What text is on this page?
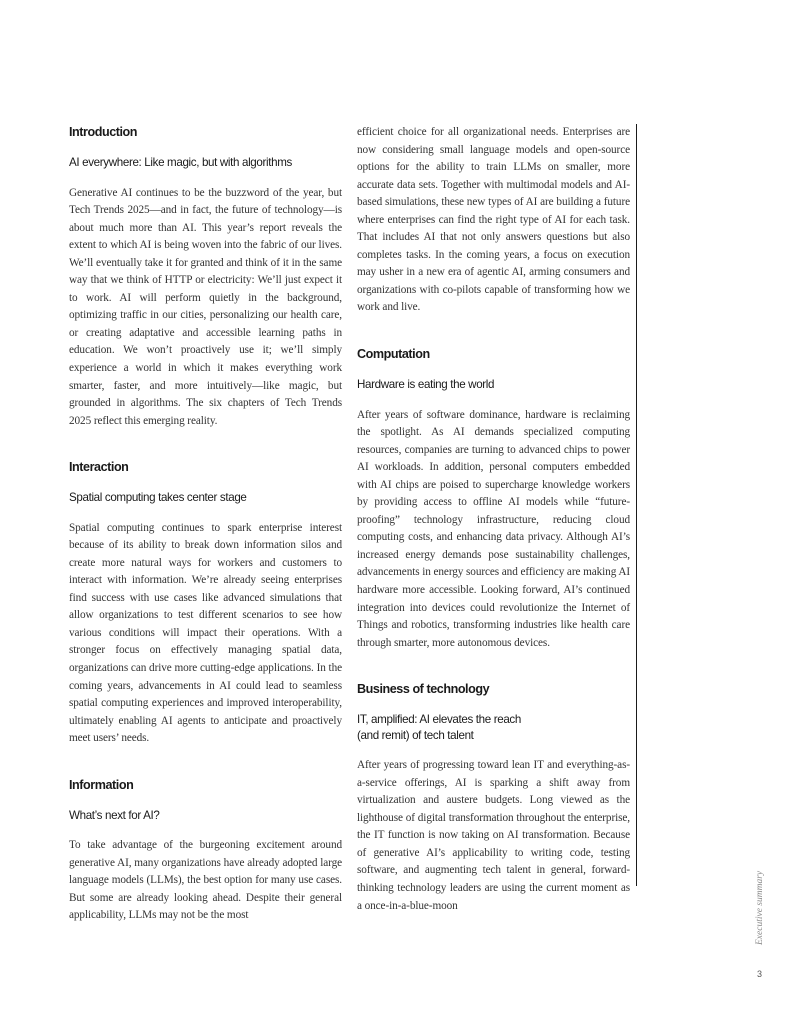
Introduction
AI everywhere: Like magic, but with algorithms

Generative AI continues to be the buzzword of the year, but Tech Trends 2025—and in fact, the future of technology—is about much more than AI. This year’s report reveals the extent to which AI is being woven into the fabric of our lives. We’ll eventually take it for granted and think of it in the same way that we think of HTTP or electricity: We’ll just expect it to work. AI will perform quietly in the background, optimizing traffic in our cities, personalizing our health care, or creating adaptative and accessible learning paths in education. We won’t proactively use it; we’ll simply experience a world in which it makes everything work smarter, faster, and more intuitively—like magic, but grounded in algorithms. The six chapters of Tech Trends 2025 reflect this emerging reality.

Interaction
Spatial computing takes center stage

Spatial computing continues to spark enterprise interest because of its ability to break down information silos and create more natural ways for workers and customers to interact with information. We’re already seeing enterprises find success with use cases like advanced simulations that allow organizations to test different scenarios to see how various conditions will impact their operations. With a stronger focus on effectively managing spatial data, organizations can drive more cutting-edge applications. In the coming years, advancements in AI could lead to seamless spatial computing experiences and improved interoperability, ultimately enabling AI agents to anticipate and proactively meet users’ needs.

Information
What’s next for AI?

To take advantage of the burgeoning excitement around generative AI, many organizations have already adopted large language models (LLMs), the best option for many use cases. But some are already looking ahead. Despite their general applicability, LLMs may not be the most

efficient choice for all organizational needs. Enterprises are now considering small language models and open-source options for the ability to train LLMs on smaller, more accurate data sets. Together with multimodal models and AI-based simulations, these new types of AI are building a future where enterprises can find the right type of AI for each task. That includes AI that not only answers questions but also completes tasks. In the coming years, a focus on execution may usher in a new era of agentic AI, arming consumers and organizations with co-pilots capable of transforming how we work and live.

Computation
Hardware is eating the world

After years of software dominance, hardware is reclaiming the spotlight. As AI demands specialized computing resources, companies are turning to advanced chips to power AI workloads. In addition, personal computers embedded with AI chips are poised to supercharge knowledge workers by providing access to offline AI models while “future-proofing” technology infrastructure, reducing cloud computing costs, and enhancing data privacy. Although AI’s increased energy demands pose sustainability challenges, advancements in energy sources and efficiency are making AI hardware more accessible. Looking forward, AI’s continued integration into devices could revolutionize the Internet of Things and robotics, transforming industries like health care through smarter, more autonomous devices.

Business of technology
IT, amplified: AI elevates the reach
(and remit) of tech talent

After years of progressing toward lean IT and everything-as-a-service offerings, AI is sparking a shift away from virtualization and austere budgets. Long viewed as the lighthouse of digital transformation throughout the enterprise, the IT function is now taking on AI transformation. Because of generative AI’s applicability to writing code, testing software, and augmenting tech talent in general, forward-thinking technology leaders are using the current moment as a once-in-a-blue-moon	Executive summary
3
